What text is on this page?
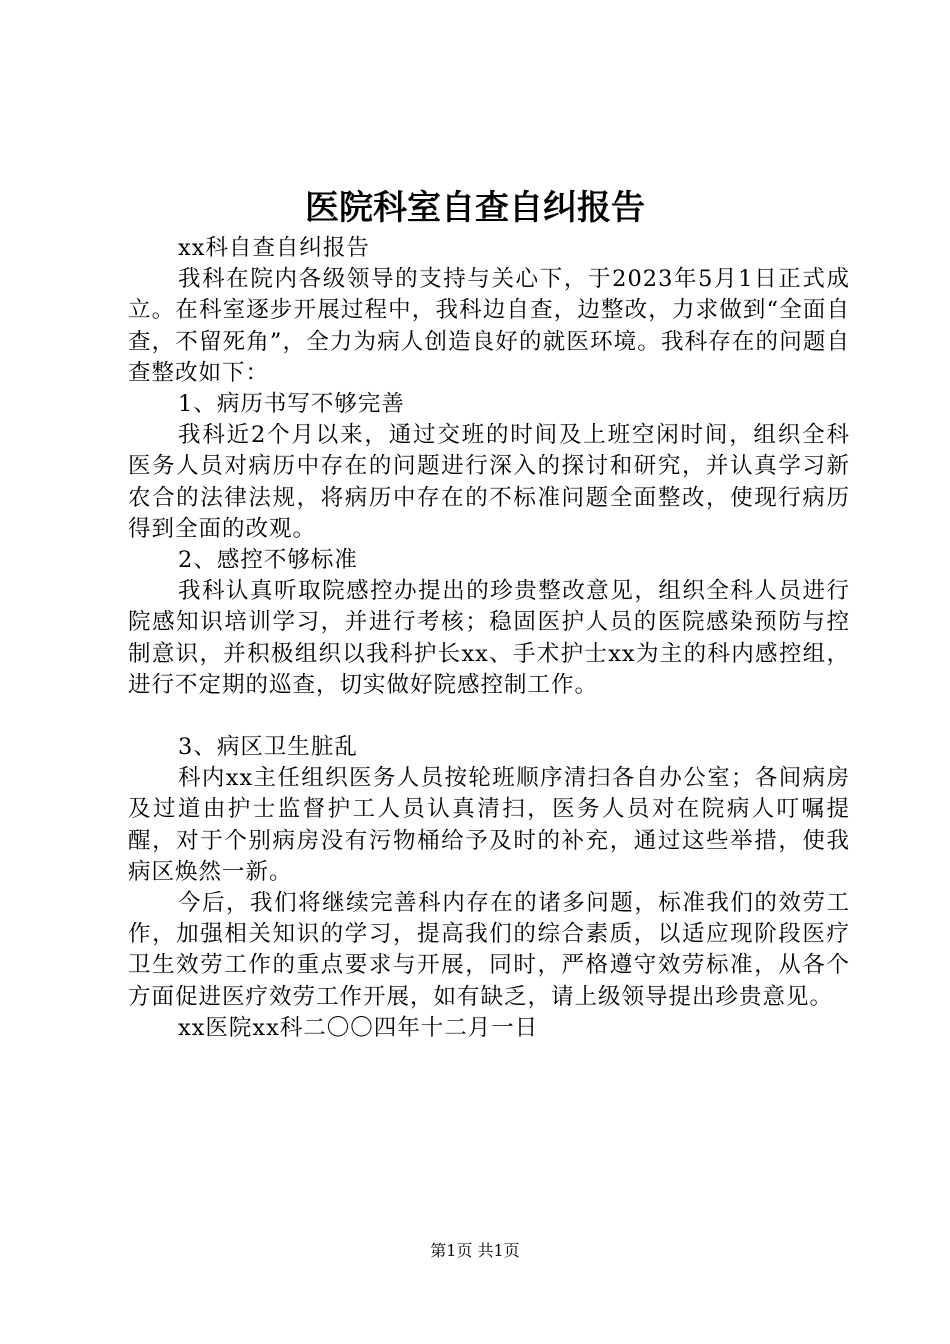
医院科室自查自纠报告

xx科自查自纠报告

我科在院内各级领导的支持与关心下，于2023年5月1日正式成立。在科室逐步开展过程中，我科边自查，边整改，力求做到“全面自查，不留死角”，全力为病人创造良好的就医环境。我科存在的问题自查整改如下：

1、病历书写不够完善

我科近2个月以来，通过交班的时间及上班空闲时间，组织全科医务人员对病历中存在的问题进行深入的探讨和研究，并认真学习新农合的法律法规，将病历中存在的不标准问题全面整改，使现行病历得到全面的改观。

2、感控不够标准

我科认真听取院感控办提出的珍贵整改意见，组织全科人员进行院感知识培训学习，并进行考核；稳固医护人员的医院感染预防与控制意识，并积极组织以我科护长xx、手术护士xx为主的科内感控组，进行不定期的巡查，切实做好院感控制工作。

3、病区卫生脏乱

科内xx主任组织医务人员按轮班顺序清扫各自办公室；各间病房及过道由护士监督护工人员认真清扫，医务人员对在院病人叮嘱提醒，对于个别病房没有污物桶给予及时的补充，通过这些举措，使我病区焕然一新。

今后，我们将继续完善科内存在的诸多问题，标准我们的效劳工作，加强相关知识的学习，提高我们的综合素质，以适应现阶段医疗卫生效劳工作的重点要求与开展，同时，严格遵守效劳标准，从各个方面促进医疗效劳工作开展，如有缺乏，请上级领导提出珍贵意见。

xx医院xx科二〇〇四年十二月一日

第1页 共1页
